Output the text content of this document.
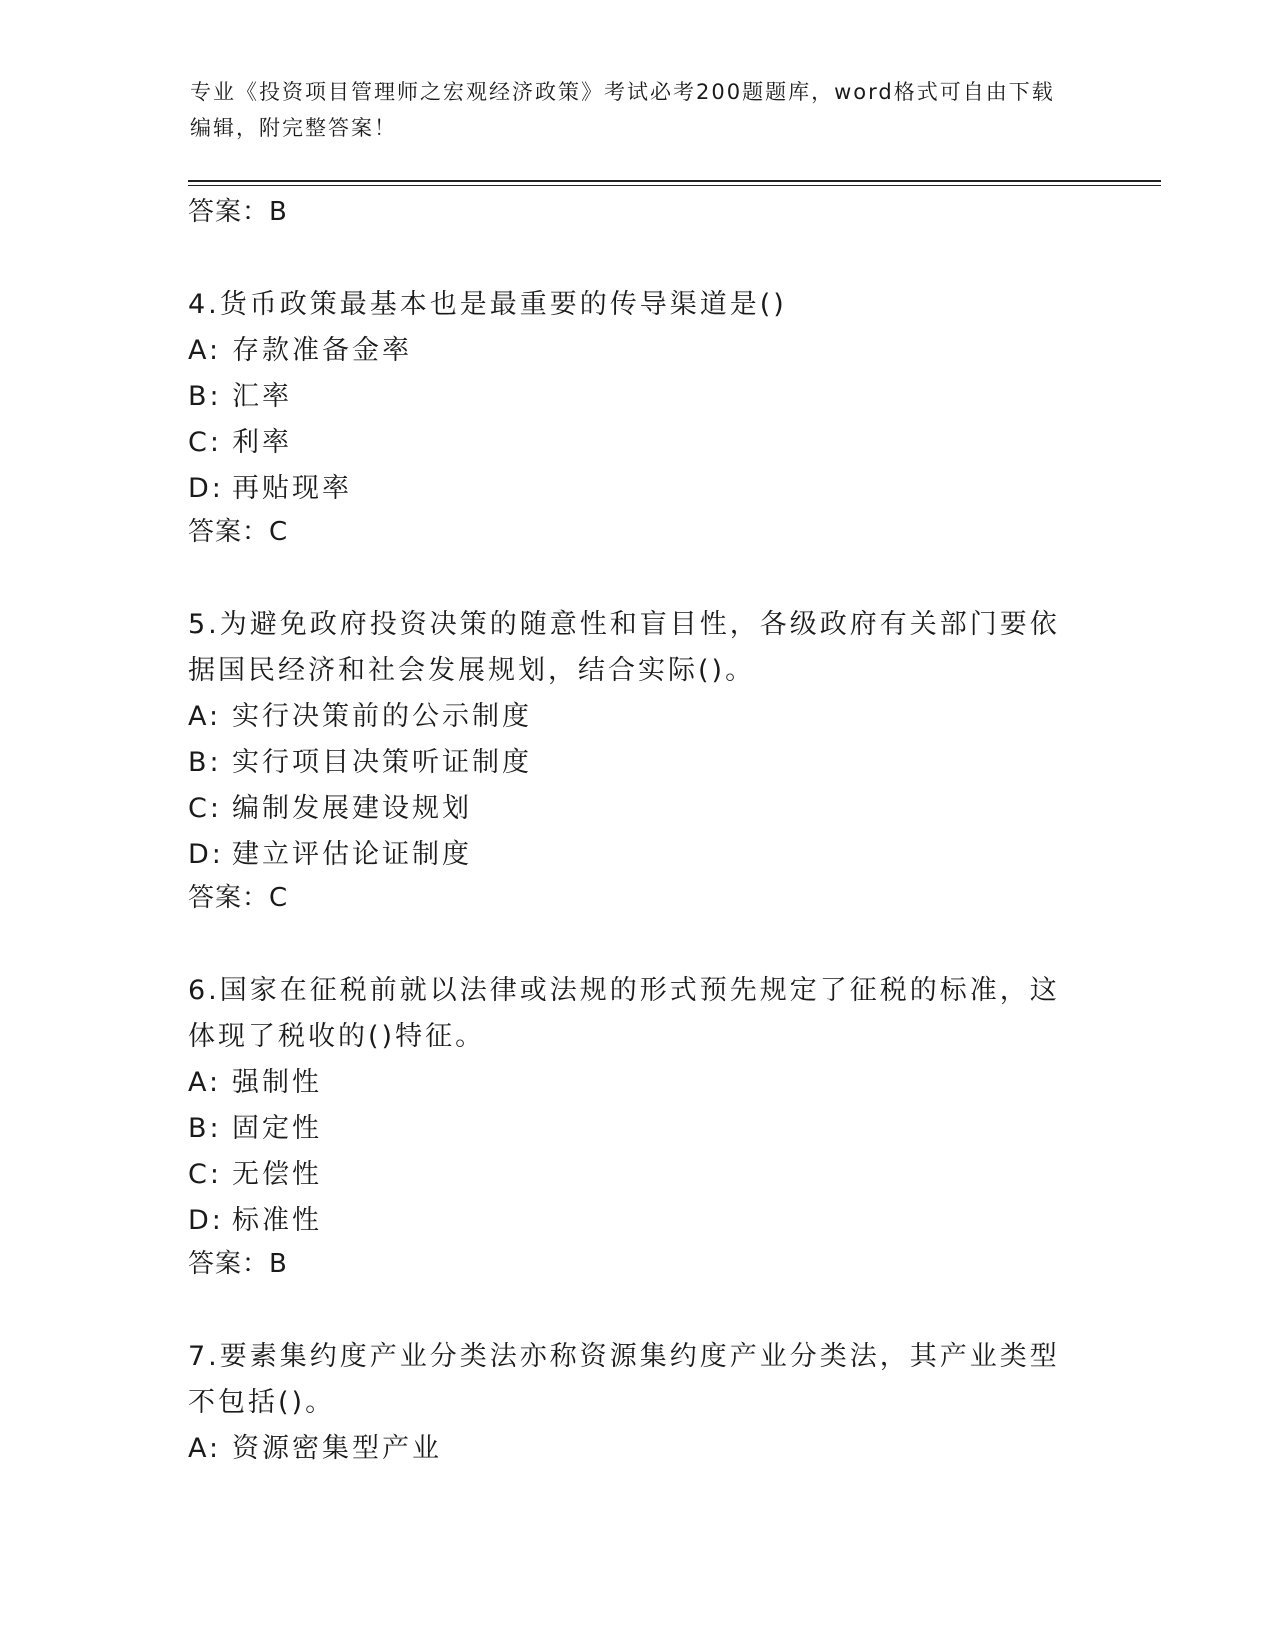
专业《投资项目管理师之宏观经济政策》考试必考200题题库，word格式可自由下载编辑，附完整答案！
答案：B
4.货币政策最基本也是最重要的传导渠道是()
A: 存款准备金率
B: 汇率
C: 利率
D: 再贴现率
答案：C
5.为避免政府投资决策的随意性和盲目性，各级政府有关部门要依据国民经济和社会发展规划，结合实际()。
A: 实行决策前的公示制度
B: 实行项目决策听证制度
C: 编制发展建设规划
D: 建立评估论证制度
答案：C
6.国家在征税前就以法律或法规的形式预先规定了征税的标准，这体现了税收的()特征。
A: 强制性
B: 固定性
C: 无偿性
D: 标准性
答案：B
7.要素集约度产业分类法亦称资源集约度产业分类法，其产业类型不包括()。
A: 资源密集型产业
